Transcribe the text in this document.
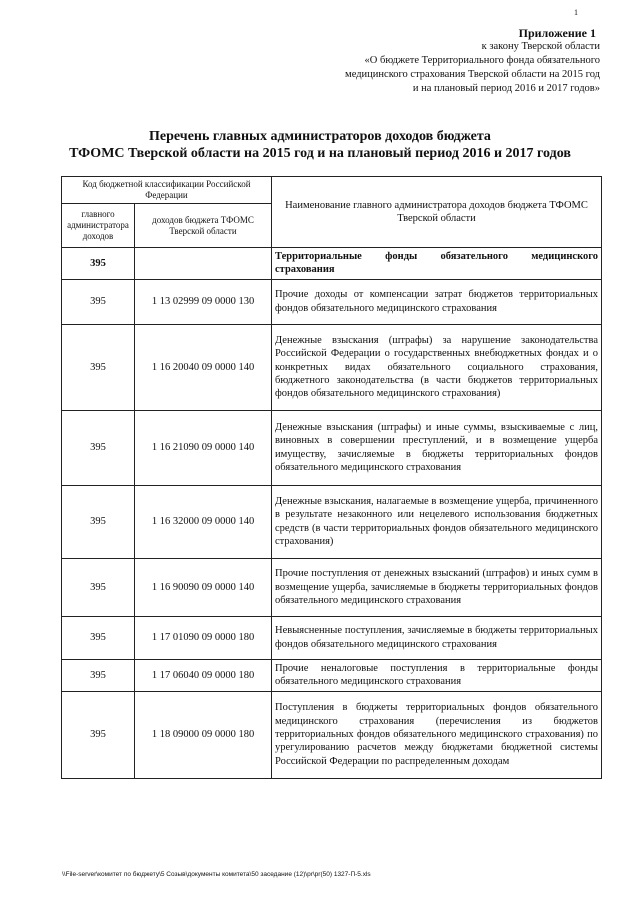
1
Приложение 1
к закону Тверской области
«О бюджете Территориального фонда обязательного
медицинского страхования Тверской области на 2015 год
и на плановый период 2016 и 2017 годов»
Перечень главных администраторов доходов бюджета
ТФОМС Тверской области на 2015 год и на плановый период 2016 и 2017 годов
Код бюджетной классификации Российской Федерации		Наименование главного администратора доходов бюджета ТФОМС Тверской области
главного администратора доходов	доходов бюджета ТФОМС Тверской области	
395		Территориальные фонды обязательного медицинского страхования
395	1 13 02999 09 0000 130	Прочие доходы от компенсации затрат бюджетов территориальных фондов обязательного медицинского страхования
395	1 16 20040 09 0000 140	Денежные взыскания (штрафы) за нарушение законодательства Российской Федерации о государственных внебюджетных фондах и о конкретных видах обязательного социального страхования, бюджетного законодательства (в части бюджетов территориальных фондов обязательного медицинского страхования)
395	1 16 21090 09 0000 140	Денежные взыскания (штрафы) и иные суммы, взыскиваемые с лиц, виновных в совершении преступлений, и в возмещение ущерба имуществу, зачисляемые в бюджеты территориальных фондов обязательного медицинского страхования
395	1 16 32000 09 0000 140	Денежные взыскания, налагаемые в возмещение ущерба, причиненного в результате незаконного или нецелевого использования бюджетных средств (в части территориальных фондов обязательного медицинского страхования)
395	1 16 90090 09 0000 140	Прочие поступления от денежных взысканий (штрафов) и иных сумм в возмещение ущерба, зачисляемые в бюджеты территориальных фондов обязательного медицинского страхования
395	1 17 01090 09 0000 180	Невыясненные поступления, зачисляемые в бюджеты территориальных фондов обязательного медицинского страхования
395	1 17 06040 09 0000 180	Прочие неналоговые поступления в территориальные фонды обязательного медицинского страхования
395	1 18 09000 09 0000 180	Поступления в бюджеты территориальных фондов обязательного медицинского страхования (перечисления из бюджетов территориальных фондов обязательного медицинского страхования) по урегулированию расчетов между бюджетами бюджетной системы Российской Федерации по распределенным доходам
\\File-server\комитет по бюджету\5 Созыв\документы комитета\50 заседание (12)\pr\pr(50) 1327-П-5.xls
